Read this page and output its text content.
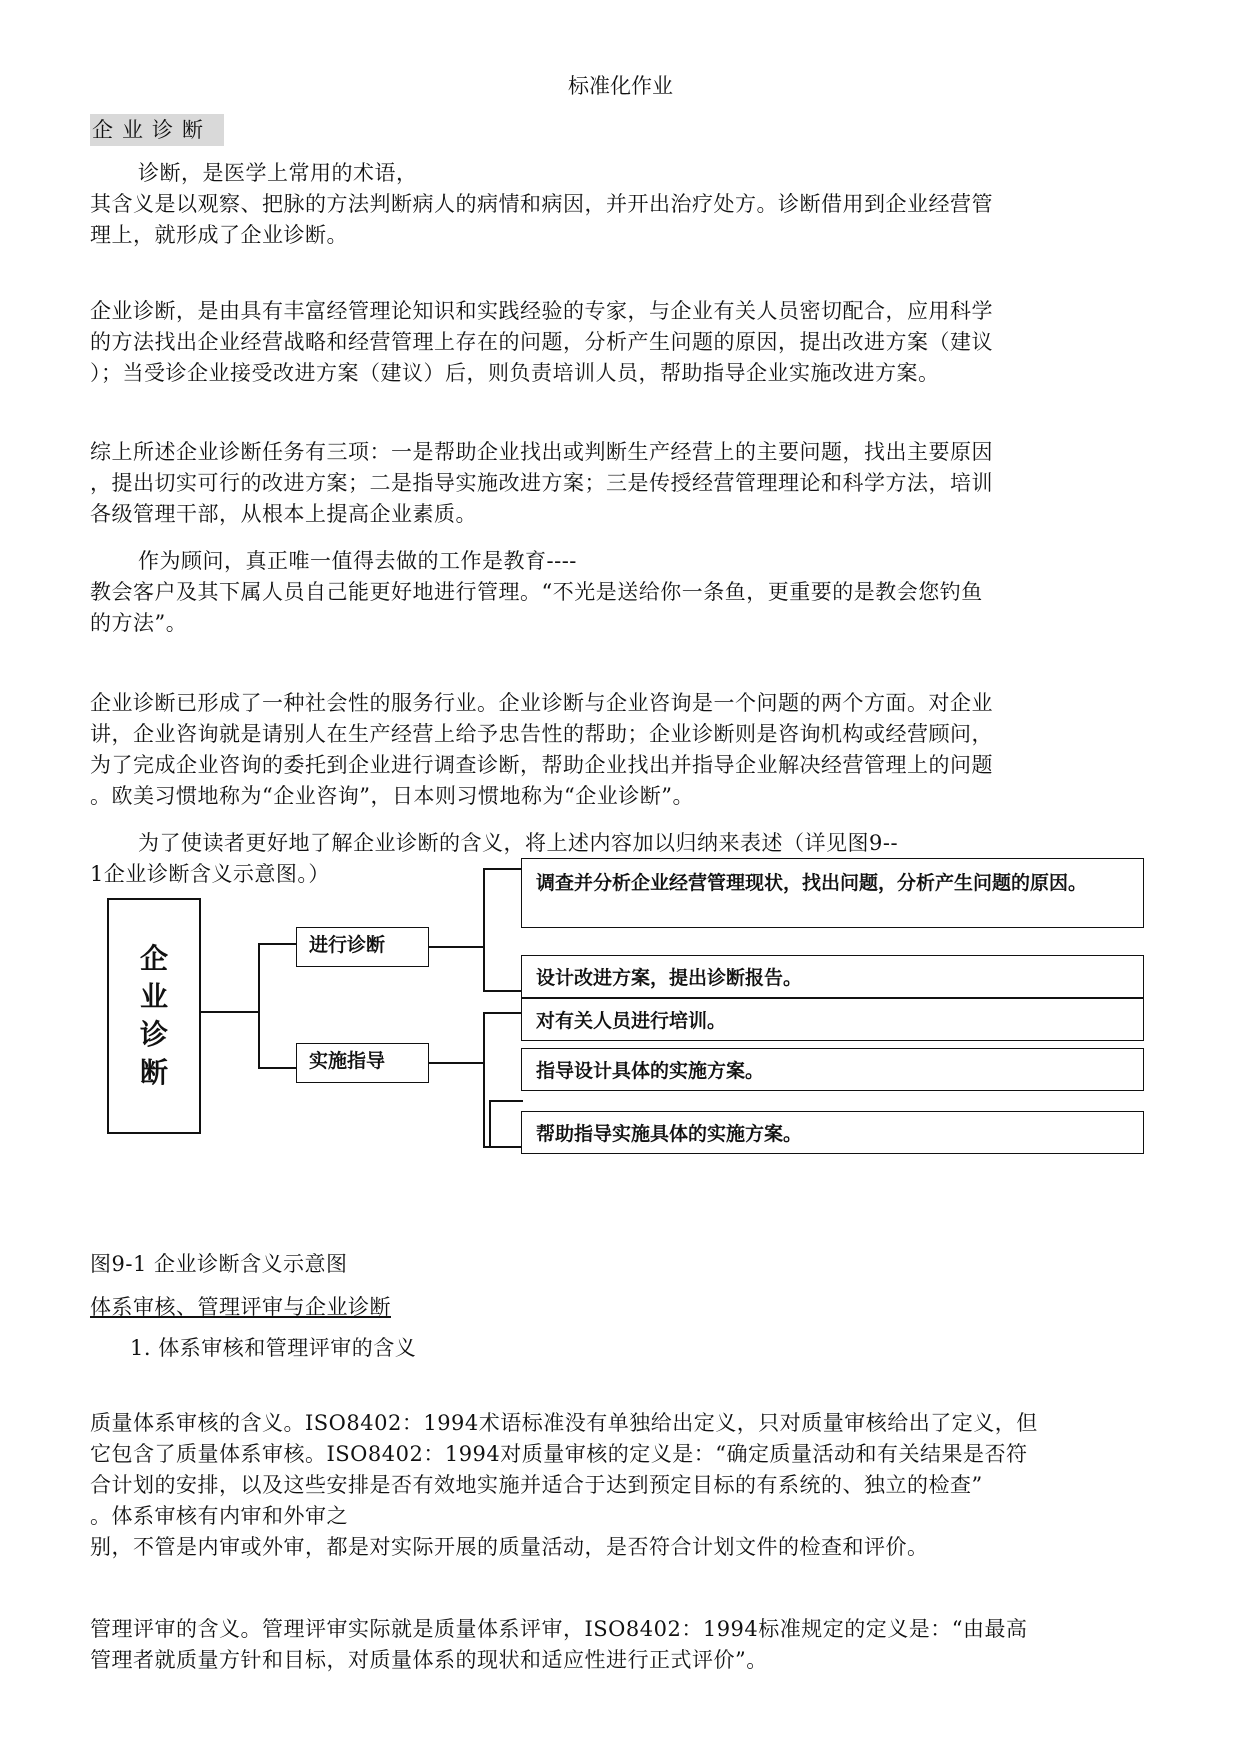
标准化作业
企业诊断
诊断，是医学上常用的术语，
其含义是以观察、把脉的方法判断病人的病情和病因，并开出治疗处方。诊断借用到企业经营管
理上，就形成了企业诊断。
企业诊断，是由具有丰富经管理论知识和实践经验的专家，与企业有关人员密切配合，应用科学
的方法找出企业经营战略和经营管理上存在的问题，分析产生问题的原因，提出改进方案（建议
）；当受诊企业接受改进方案（建议）后，则负责培训人员，帮助指导企业实施改进方案。
综上所述企业诊断任务有三项：一是帮助企业找出或判断生产经营上的主要问题，找出主要原因
，提出切实可行的改进方案；二是指导实施改进方案；三是传授经营管理理论和科学方法，培训
各级管理干部，从根本上提高企业素质。
作为顾问，真正唯一值得去做的工作是教育----
教会客户及其下属人员自己能更好地进行管理。“不光是送给你一条鱼，更重要的是教会您钓鱼
的方法”。
企业诊断已形成了一种社会性的服务行业。企业诊断与企业咨询是一个问题的两个方面。对企业
讲，企业咨询就是请别人在生产经营上给予忠告性的帮助；企业诊断则是咨询机构或经营顾问，
为了完成企业咨询的委托到企业进行调查诊断，帮助企业找出并指导企业解决经营管理上的问题
。欧美习惯地称为“企业咨询”，日本则习惯地称为“企业诊断”。
为了使读者更好地了解企业诊断的含义，将上述内容加以归纳来表述（详见图9--
1企业诊断含义示意图。）
企
业
诊
断
进行诊断
实施指导
调查并分析企业经营管理现状，找出问题，分析产生问题的原因。
设计改进方案，提出诊断报告。
对有关人员进行培训。
指导设计具体的实施方案。
帮助指导实施具体的实施方案。
图9-1 企业诊断含义示意图
体系审核、管理评审与企业诊断
1. 体系审核和管理评审的含义
质量体系审核的含义。ISO8402：1994术语标准没有单独给出定义，只对质量审核给出了定义，但
它包含了质量体系审核。ISO8402：1994对质量审核的定义是：“确定质量活动和有关结果是否符
合计划的安排，以及这些安排是否有效地实施并适合于达到预定目标的有系统的、独立的检查”
。体系审核有内审和外审之
别，不管是内审或外审，都是对实际开展的质量活动，是否符合计划文件的检查和评价。
管理评审的含义。管理评审实际就是质量体系评审，ISO8402：1994标准规定的定义是：“由最高
管理者就质量方针和目标，对质量体系的现状和适应性进行正式评价”。
